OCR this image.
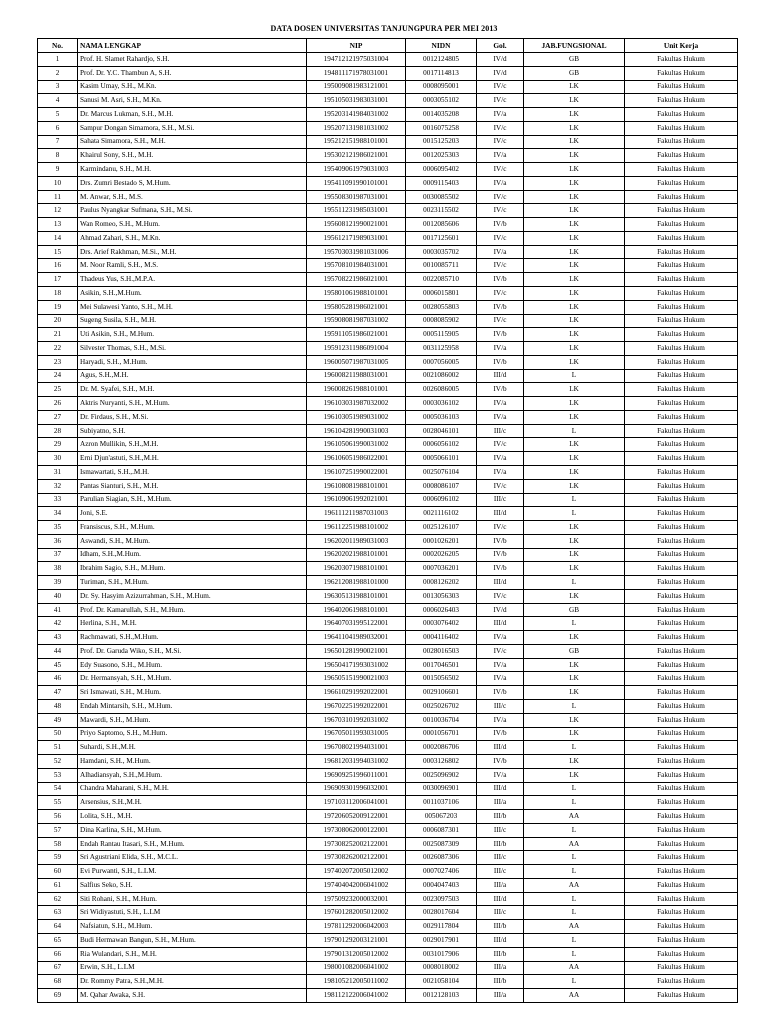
DATA DOSEN UNIVERSITAS TANJUNGPURA PER MEI 2013
No.	NAMA LENGKAP	NIP	NIDN	Gol.	JAB.FUNGSIONAL	Unit Kerja
1	Prof. H. Slamet Rahardjo, S.H.	194712121975031004	0012124805	IV/d	GB	Fakultas Hukum
2	Prof. Dr. Y.C. Thambun A, S.H.	194811171978031001	0017114813	IV/d	GB	Fakultas Hukum
3	Kasim Umay, S.H., M.Kn.	195009081983121001	0008095001	IV/c	LK	Fakultas Hukum
4	Sanusi M. Asri, S.H., M.Kn.	195105031983031001	0003055102	IV/c	LK	Fakultas Hukum
5	Dr. Marcus Lukman, S.H., M.H.	195203141984031002	0014035208	IV/a	LK	Fakultas Hukum
6	Sampur Dongan Simamora, S.H., M.Si.	195207131981031002	0016075258	IV/c	LK	Fakultas Hukum
7	Sahata Simamora, S.H., M.H.	195212151988101001	0015125203	IV/c	LK	Fakultas Hukum
8	Khairul Sony, S.H., M.H.	195302121986021001	0012025303	IV/a	LK	Fakultas Hukum
9	Karmindanu, S.H., M.H.	195409061979031003	0006095402	IV/c	LK	Fakultas Hukum
10	Drs. Zumri Bestado S, M.Hum.	195411091990101001	0009115403	IV/a	LK	Fakultas Hukum
11	M. Anwar, S.H., M.S.	195508301987031001	0030085502	IV/c	LK	Fakultas Hukum
12	Paulus Nyangkar Sufmana, S.H., M.Si.	195511231985031001	0023115502	IV/c	LK	Fakultas Hukum
13	Wan Romeo, S.H., M.Hum.	195608121990021001	0012085606	IV/b	LK	Fakultas Hukum
14	Ahmad Zahari, S.H., M.Kn.	195612171989031001	0017125601	IV/c	LK	Fakultas Hukum
15	Drs. Arief Rakhman, M.Si., M.H.	195703031981031006	0003035702	IV/a	LK	Fakultas Hukum
16	M. Noor Ramli, S.H., M.S.	195708101984031001	0010085711	IV/c	LK	Fakultas Hukum
17	Thadeus Yus, S.H.,M.P.A.	195708221986021001	0022085710	IV/b	LK	Fakultas Hukum
18	Asikin, S.H.,M.Hum.	195801061988101001	0006015801	IV/c	LK	Fakultas Hukum
19	Mei Sulawesi Yanto, S.H., M.H.	195805281986021001	0028055803	IV/b	LK	Fakultas Hukum
20	Sugeng Susila, S.H., M.H.	195908081987031002	0008085902	IV/c	LK	Fakultas Hukum
21	Uti Asikin, S.H., M.Hum.	195911051986021001	0005115905	IV/b	LK	Fakultas Hukum
22	Silvester Thomas, S.H., M.Si.	195912311986091004	0031125958	IV/a	LK	Fakultas Hukum
23	Haryadi, S.H., M.Hum.	196005071987031005	0007056005	IV/b	LK	Fakultas Hukum
24	Agus, S.H.,M.H.	196008211988031001	0021086002	III/d	L	Fakultas Hukum
25	Dr. M. Syafei, S.H., M.H.	196008261988101001	0026086005	IV/b	LK	Fakultas Hukum
26	Aktris Nuryanti, S.H., M.Hum.	196103031987032002	0003036102	IV/a	LK	Fakultas Hukum
27	Dr. Firdaus, S.H., M.Si.	196103051989031002	0005036103	IV/a	LK	Fakultas Hukum
28	Subiyatno, S.H.	196104281990031003	0028046101	III/c	L	Fakultas Hukum
29	Azron Mullikin, S.H.,M.H.	196105061990031002	0006056102	IV/c	LK	Fakultas Hukum
30	Erni Djun'astuti, S.H.,M.H.	196106051986022001	0005066101	IV/a	LK	Fakultas Hukum
31	Ismawartati, S.H.,.M.H.	196107251990022001	0025076104	IV/a	LK	Fakultas Hukum
32	Pantas Sianturi, S.H., M.H.	196108081988101001	0008086107	IV/c	LK	Fakultas Hukum
33	Parulian Siagian, S.H., M.Hum.	196109061992021001	0006096102	III/c	L	Fakultas Hukum
34	Joni, S.E.	196111211987031003	0021116102	III/d	L	Fakultas Hukum
35	Fransiscus, S.H., M.Hum.	196112251988101002	0025126107	IV/c	LK	Fakultas Hukum
36	Aswandi, S.H., M.Hum.	196202011989031003	0001026201	IV/b	LK	Fakultas Hukum
37	Idham, S.H.,M.Hum.	196202021988101001	0002026205	IV/b	LK	Fakultas Hukum
38	Ibrahim Sagio, S.H., M.Hum.	196203071988101001	0007036201	IV/b	LK	Fakultas Hukum
39	Turiman, S.H., M.Hum.	196212081988101000	0008126202	III/d	L	Fakultas Hukum
40	Dr. Sy. Hasyim Azizurrahman, S.H., M.Hum.	196305131988101001	0013056303	IV/c	LK	Fakultas Hukum
41	Prof. Dr. Kamarullah, S.H., M.Hum.	196402061988101001	0006026403	IV/d	GB	Fakultas Hukum
42	Herlina, S.H., M.H.	196407031995122001	0003076402	III/d	L	Fakultas Hukum
43	Rachmawati, S.H.,M.Hum.	196411041989032001	0004116402	IV/a	LK	Fakultas Hukum
44	Prof. Dr. Garuda Wiko, S.H., M.Si.	196501281990021001	0028016503	IV/c	GB	Fakultas Hukum
45	Edy Suasono, S.H., M.Hum.	196504171993031002	0017046501	IV/a	LK	Fakultas Hukum
46	Dr. Hermansyah, S.H., M.Hum.	196505151990021003	0015056502	IV/a	LK	Fakultas Hukum
47	Sri Ismawati, S.H., M.Hum.	196610291992022001	0029106601	IV/b	LK	Fakultas Hukum
48	Endah Mintarsih, S.H., M.Hum.	196702251992022001	0025026702	III/c	L	Fakultas Hukum
49	Mawardi, S.H., M.Hum.	196703101992031002	0010036704	IV/a	LK	Fakultas Hukum
50	Priyo Saptomo, S.H., M.Hum.	196705011993031005	0001056701	IV/b	LK	Fakultas Hukum
51	Suhardi, S.H.,M.H.	196708021994031001	0002086706	III/d	L	Fakultas Hukum
52	Hamdani, S.H., M.Hum.	196812031994031002	0003126802	IV/b	LK	Fakultas Hukum
53	Alhadiansyah, S.H.,M.Hum.	196909251996011001	0025096902	IV/a	LK	Fakultas Hukum
54	Chandra Maharani, S.H., M.H.	196909301996032001	0030096901	III/d	L	Fakultas Hukum
55	Arsensius, S.H.,M.H.	197103112006041001	0011037106	III/a	L	Fakultas Hukum
56	Lolita, S.H., M.H.	197206052009122001	005067203	III/b	AA	Fakultas Hukum
57	Dina Karlina, S.H., M.Hum.	197308062000122001	0006087301	III/c	L	Fakultas Hukum
58	Endah Rantau Itasari, S.H., M.Hum.	197308252002122001	0025087309	III/b	AA	Fakultas Hukum
59	Sri Agustriani Elida, S.H., M.C.L.	197308262002122001	0026087306	III/c	L	Fakultas Hukum
60	Evi Purwanti, S.H., L.LM.	197402072005012002	0007027406	III/c	L	Fakultas Hukum
61	Salfius Seko, S.H.	197404042006041002	0004047403	III/a	AA	Fakultas Hukum
62	Siti Rohani, S.H., M.Hum.	197509232000032001	0023097503	III/d	L	Fakultas Hukum
63	Sri Widiyastuti, S.H., L.LM	197601282005012002	0028017604	III/c	L	Fakultas Hukum
64	Nafsiatun, S.H., M.Hum.	197811292006042003	0029117804	III/b	AA	Fakultas Hukum
65	Budi Hermawan Bangun, S.H., M.Hum.	197901292003121001	0029017901	III/d	L	Fakultas Hukum
66	Ria Wulandari, S.H., M.H.	197901312005012002	0031017906	III/b	L	Fakultas Hukum
67	Erwin, S.H., L.LM	198001082006041002	0008018002	III/a	AA	Fakultas Hukum
68	Dr. Rommy Patra, S.H.,M.H.	198105212005011002	0021058104	III/b	L	Fakultas Hukum
69	M. Qahar Awaka, S.H.	198112122006041002	0012128103	III/a	AA	Fakultas Hukum
